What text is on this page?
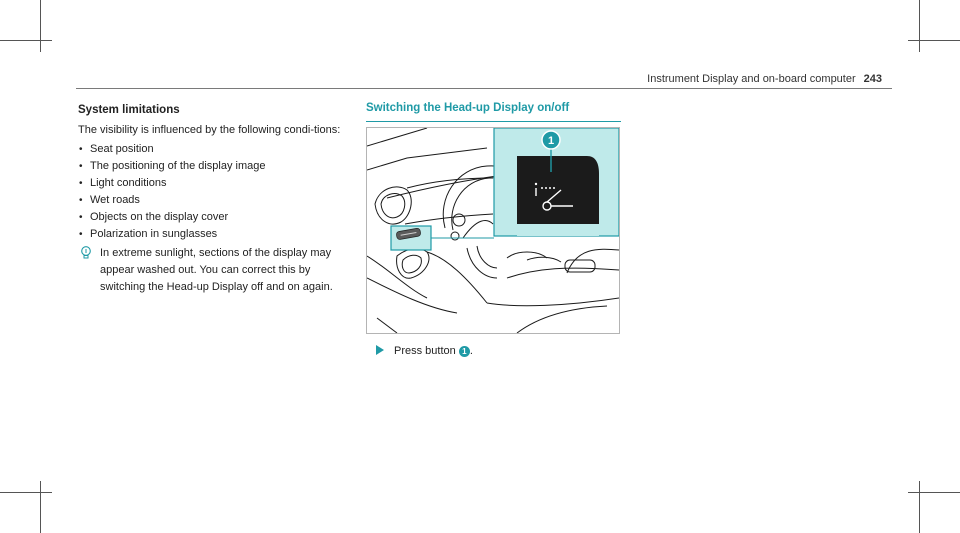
Instrument Display and on-board computer 243
System limitations
The visibility is influenced by the following condi-tions:
• Seat position
• The positioning of the display image
• Light conditions
• Wet roads
• Objects on the display cover
• Polarization in sunglasses
In extreme sunlight, sections of the display may appear washed out. You can correct this by switching the Head-up Display off and on again.
Switching the Head-up Display on/off
1
Press button 1 .
